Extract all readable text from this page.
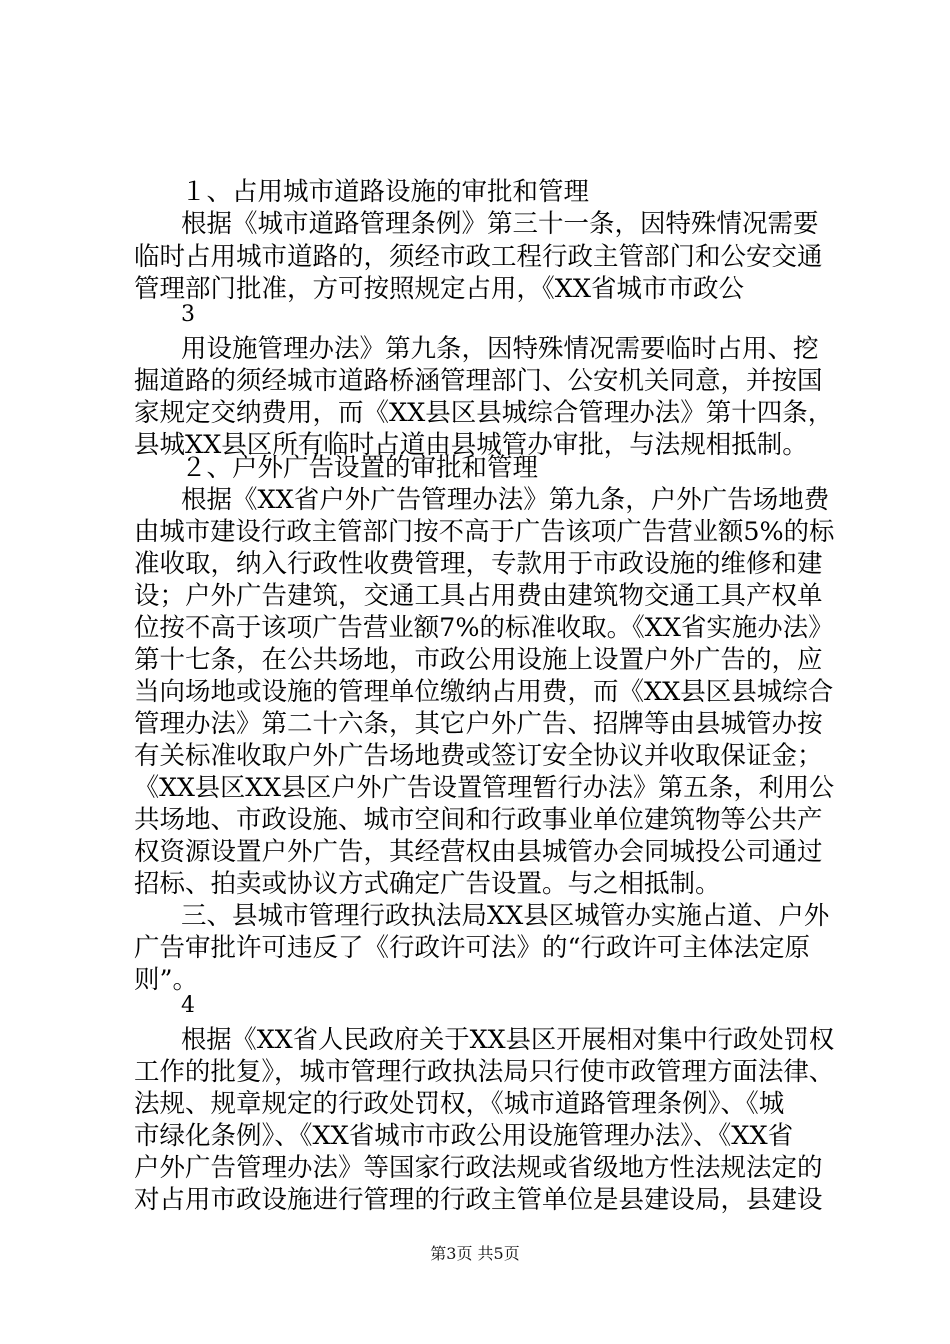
１、占用城市道路设施的审批和管理
根据《城市道路管理条例》第三十一条，因特殊情况需要
临时占用城市道路的，须经市政工程行政主管部门和公安交通
管理部门批准，方可按照规定占用，《XX省城市市政公
3
用设施管理办法》第九条，因特殊情况需要临时占用、挖
掘道路的须经城市道路桥涵管理部门、公安机关同意，并按国
家规定交纳费用，而《XX县区县城综合管理办法》第十四条，
县城XX县区所有临时占道由县城管办审批，与法规相抵制。
２、户外广告设置的审批和管理
根据《XX省户外广告管理办法》第九条，户外广告场地费
由城市建设行政主管部门按不高于广告该项广告营业额5%的标
准收取，纳入行政性收费管理，专款用于市政设施的维修和建
设；户外广告建筑，交通工具占用费由建筑物交通工具产权单
位按不高于该项广告营业额7%的标准收取。《XX省实施办法》
第十七条，在公共场地，市政公用设施上设置户外广告的，应
当向场地或设施的管理单位缴纳占用费，而《XX县区县城综合
管理办法》第二十六条，其它户外广告、招牌等由县城管办按
有关标准收取户外广告场地费或签订安全协议并收取保证金；
《XX县区XX县区户外广告设置管理暂行办法》第五条，利用公
共场地、市政设施、城市空间和行政事业单位建筑物等公共产
权资源设置户外广告，其经营权由县城管办会同城投公司通过
招标、拍卖或协议方式确定广告设置。与之相抵制。
三、县城市管理行政执法局XX县区城管办实施占道、户外
广告审批许可违反了《行政许可法》的“行政许可主体法定原
则”。
4
根据《XX省人民政府关于XX县区开展相对集中行政处罚权
工作的批复》，城市管理行政执法局只行使市政管理方面法律、
法规、规章规定的行政处罚权，《城市道路管理条例》、《城
市绿化条例》、《XX省城市市政公用设施管理办法》、《XX省
户外广告管理办法》等国家行政法规或省级地方性法规法定的
对占用市政设施进行管理的行政主管单位是县建设局，县建设
第3页 共5页
